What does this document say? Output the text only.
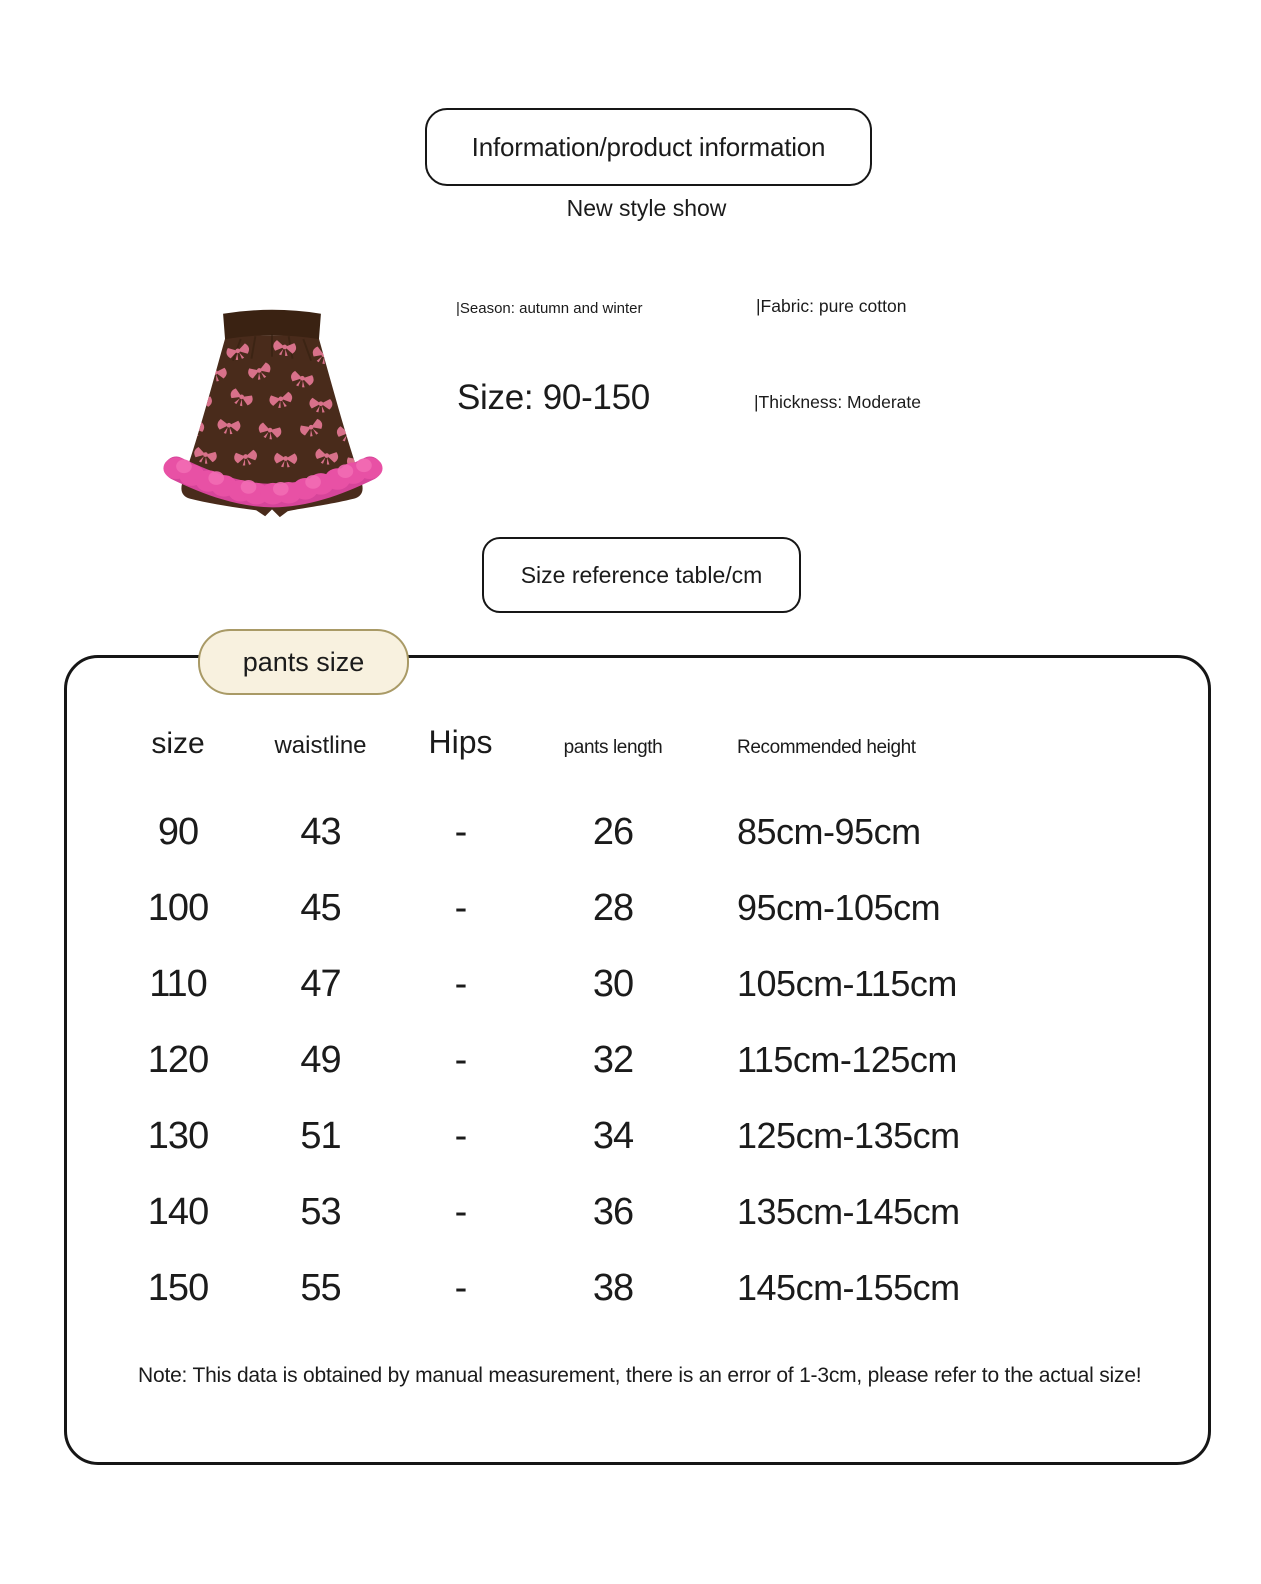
Information/product information
New style show
|Season: autumn and winter	|Fabric: pure cotton
Size: 90-150	|Thickness: Moderate
Size reference table/cm
pants size
size	waistline	Hips	pants length	Recommended height
90	43	-	26	85cm-95cm
100	45	-	28	95cm-105cm
110	47	-	30	105cm-115cm
120	49	-	32	115cm-125cm
130	51	-	34	125cm-135cm
140	53	-	36	135cm-145cm
150	55	-	38	145cm-155cm
Note: This data is obtained by manual measurement, there is an error of 1-3cm, please refer to the actual size!
